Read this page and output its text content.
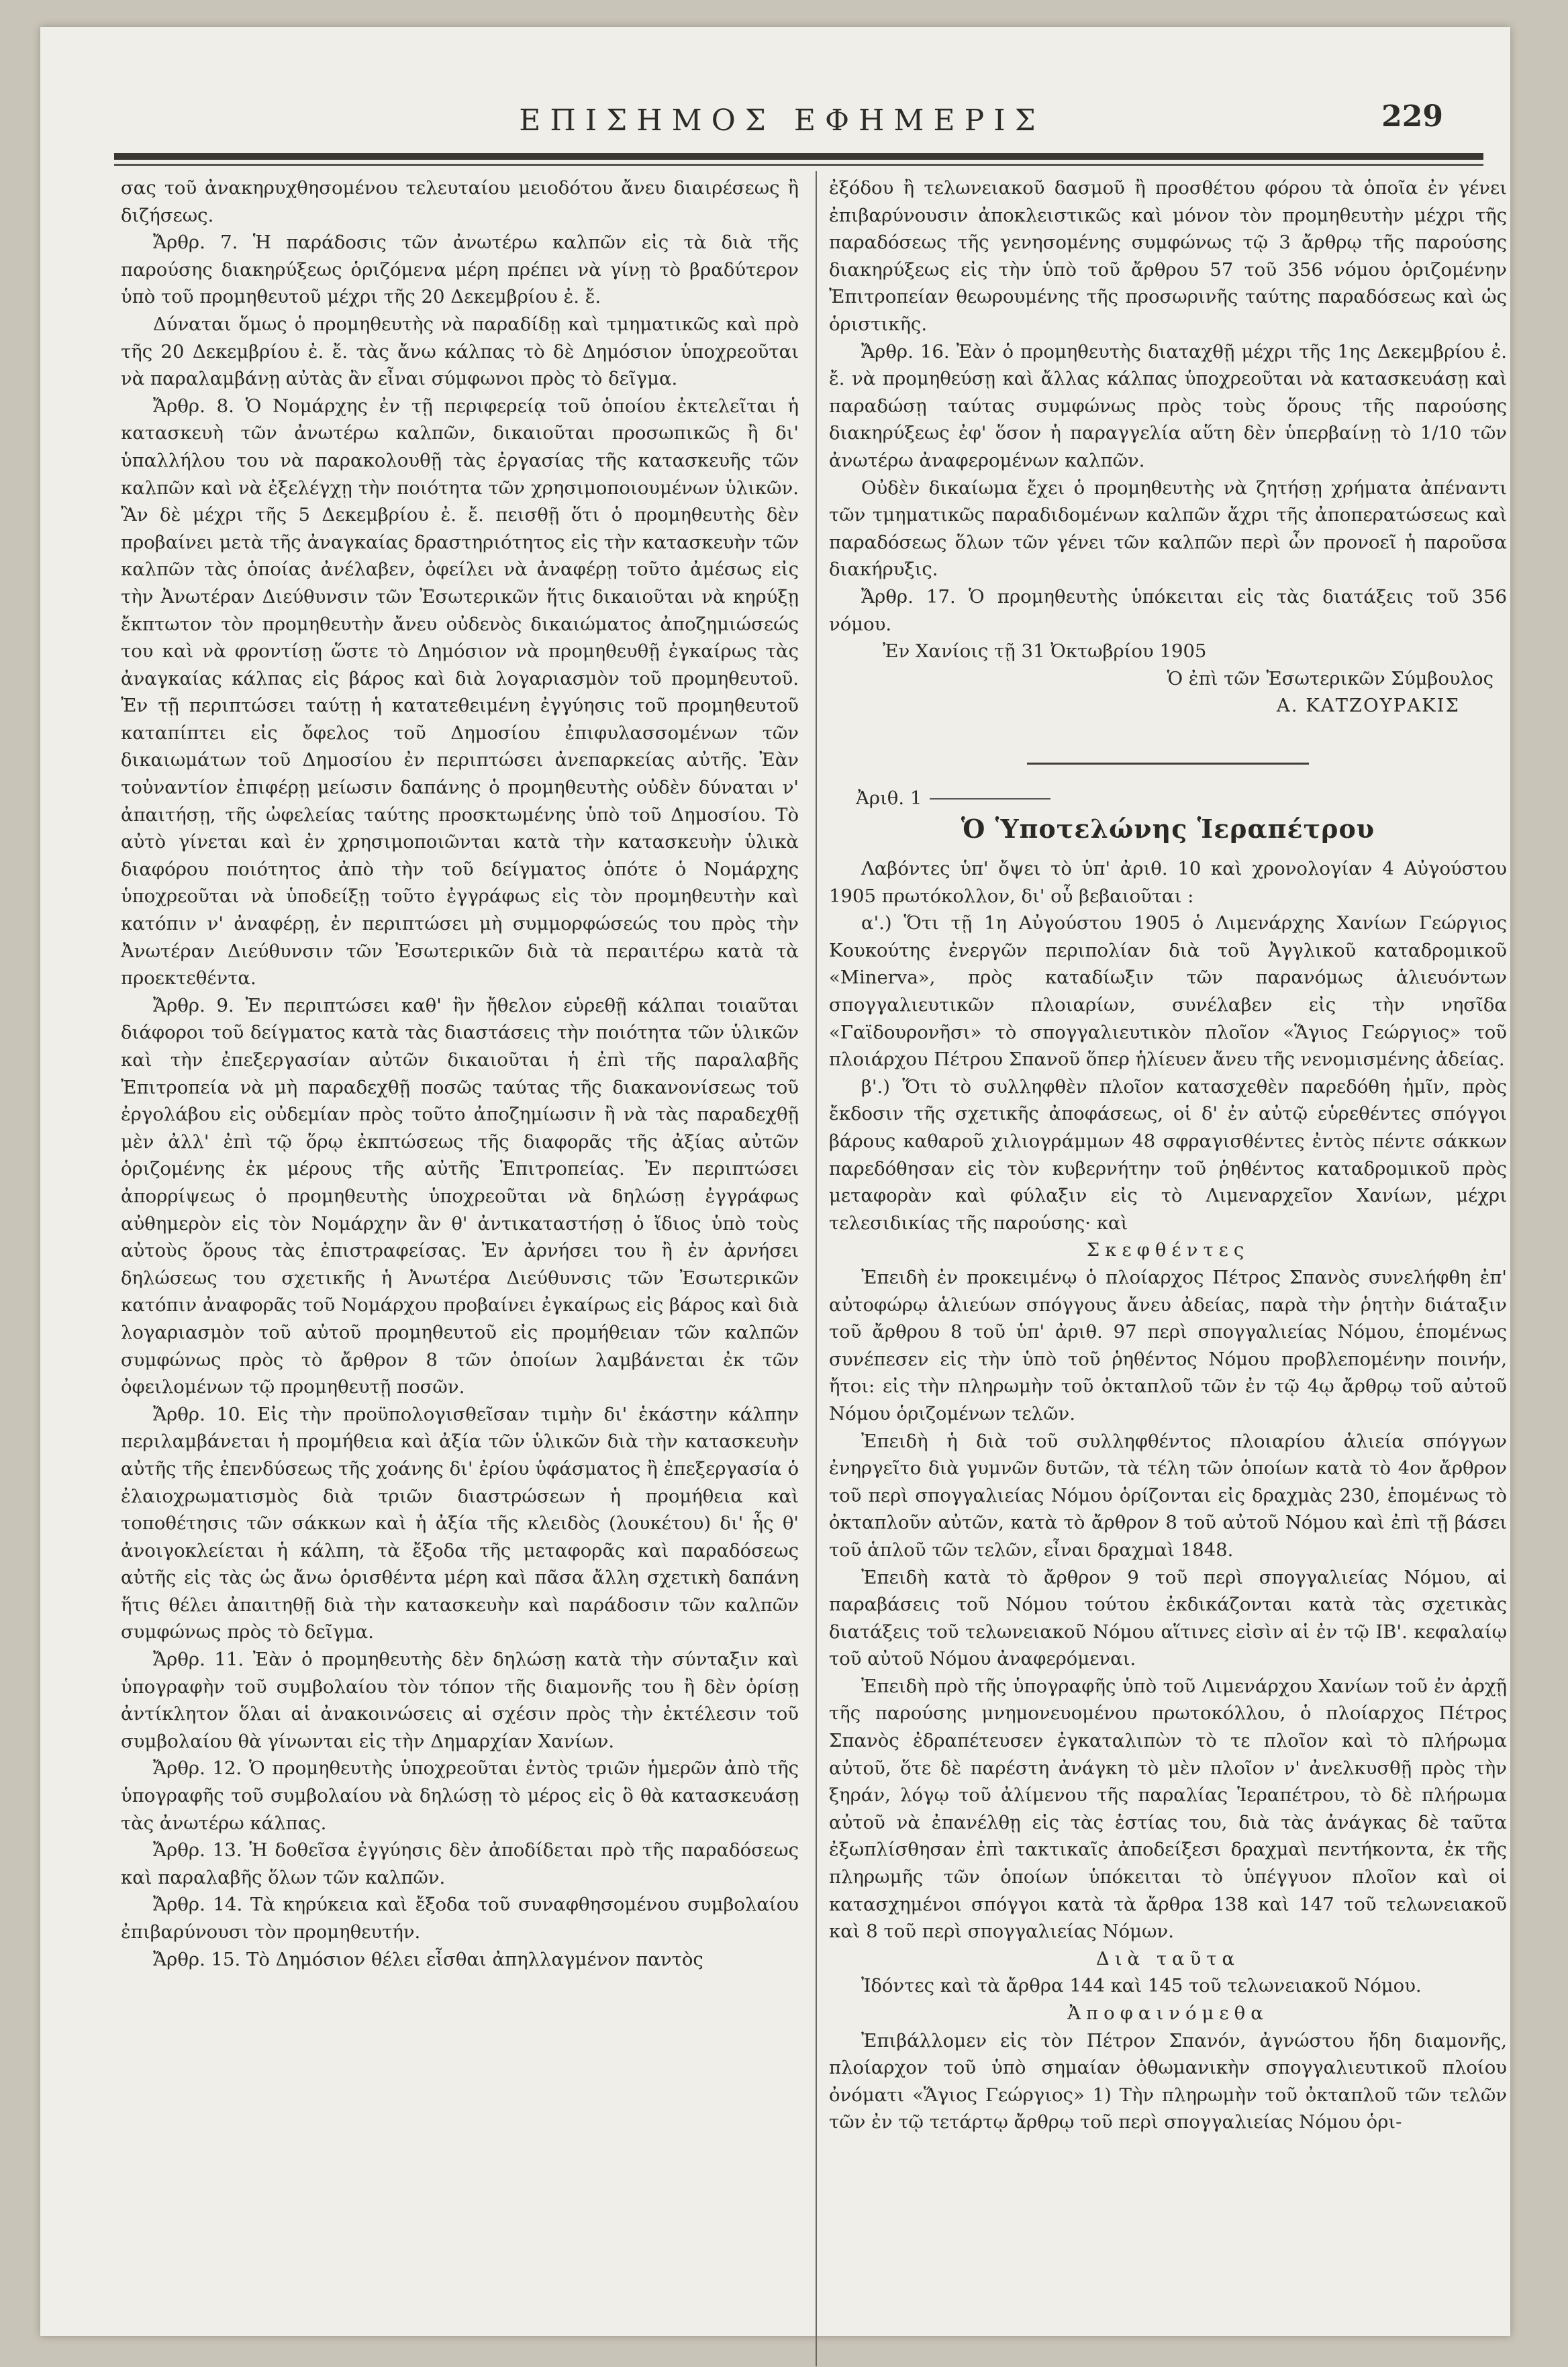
ΕΠΙΣΗΜΟΣ ΕΦΗΜΕΡΙΣ	229

σας τοῦ ἀνακηρυχθησομένου τελευταίου μειοδότου ἄνευ διαιρέσεως ἢ διζήσεως.

Ἄρθρ. 7. Ἡ παράδοσις τῶν ἀνωτέρω καλπῶν εἰς τὰ διὰ τῆς παρούσης διακηρύξεως ὁριζόμενα μέρη πρέπει νὰ γίνῃ τὸ βραδύτερον ὑπὸ τοῦ προμηθευτοῦ μέχρι τῆς 20 Δεκεμβρίου ἐ. ἔ.

Δύναται ὅμως ὁ προμηθευτὴς νὰ παραδίδῃ καὶ τμηματικῶς καὶ πρὸ τῆς 20 Δεκεμβρίου ἐ. ἔ. τὰς ἄνω κάλπας τὸ δὲ Δημόσιον ὑποχρεοῦται νὰ παραλαμβάνῃ αὐτὰς ἂν εἶναι σύμφωνοι πρὸς τὸ δεῖγμα.

Ἄρθρ. 8. Ὁ Νομάρχης ἐν τῇ περιφερείᾳ τοῦ ὁποίου ἐκτελεῖται ἡ κατασκευὴ τῶν ἀνωτέρω καλπῶν, δικαιοῦται προσωπικῶς ἢ δι' ὑπαλλήλου του νὰ παρακολουθῇ τὰς ἐργασίας τῆς κατασκευῆς τῶν καλπῶν καὶ νὰ ἐξελέγχῃ τὴν ποιότητα τῶν χρησιμοποιουμένων ὑλικῶν. Ἂν δὲ μέχρι τῆς 5 Δεκεμβρίου ἐ. ἔ. πεισθῇ ὅτι ὁ προμηθευτὴς δὲν προβαίνει μετὰ τῆς ἀναγκαίας δραστηριότητος εἰς τὴν κατασκευὴν τῶν καλπῶν τὰς ὁποίας ἀνέλαβεν, ὀφείλει νὰ ἀναφέρῃ τοῦτο ἀμέσως εἰς τὴν Ἀνωτέραν Διεύθυνσιν τῶν Ἐσωτερικῶν ἥτις δικαιοῦται νὰ κηρύξῃ ἔκπτωτον τὸν προμηθευτὴν ἄνευ οὐδενὸς δικαιώματος ἀποζημιώσεώς του καὶ νὰ φροντίσῃ ὥστε τὸ Δημόσιον νὰ προμηθευθῇ ἐγκαίρως τὰς ἀναγκαίας κάλπας εἰς βάρος καὶ διὰ λογαριασμὸν τοῦ προμηθευτοῦ. Ἐν τῇ περιπτώσει ταύτῃ ἡ κατατεθειμένη ἐγγύησις τοῦ προμηθευτοῦ καταπίπτει εἰς ὄφελος τοῦ Δημοσίου ἐπιφυλασσομένων τῶν δικαιωμάτων τοῦ Δημοσίου ἐν περιπτώσει ἀνεπαρκείας αὐτῆς. Ἐὰν τοὐναντίον ἐπιφέρῃ μείωσιν δαπάνης ὁ προμηθευτὴς οὐδὲν δύναται ν' ἀπαιτήσῃ, τῆς ὠφελείας ταύτης προσκτωμένης ὑπὸ τοῦ Δημοσίου. Τὸ αὐτὸ γίνεται καὶ ἐν χρησιμοποιῶνται κατὰ τὴν κατασκευὴν ὑλικὰ διαφόρου ποιότητος ἀπὸ τὴν τοῦ δείγματος ὁπότε ὁ Νομάρχης ὑποχρεοῦται νὰ ὑποδείξῃ τοῦτο ἐγγράφως εἰς τὸν προμηθευτὴν καὶ κατόπιν ν' ἀναφέρῃ, ἐν περιπτώσει μὴ συμμορφώσεώς του πρὸς τὴν Ἀνωτέραν Διεύθυνσιν τῶν Ἐσωτερικῶν διὰ τὰ περαιτέρω κατὰ τὰ προεκτεθέντα.

Ἄρθρ. 9. Ἐν περιπτώσει καθ' ἣν ἤθελον εὑρεθῇ κάλπαι τοιαῦται διάφοροι τοῦ δείγματος κατὰ τὰς διαστάσεις τὴν ποιότητα τῶν ὑλικῶν καὶ τὴν ἐπεξεργασίαν αὐτῶν δικαιοῦται ἡ ἐπὶ τῆς παραλαβῆς Ἐπιτροπεία νὰ μὴ παραδεχθῇ ποσῶς ταύτας τῆς διακανονίσεως τοῦ ἐργολάβου εἰς οὐδεμίαν πρὸς τοῦτο ἀποζημίωσιν ἢ νὰ τὰς παραδεχθῇ μὲν ἀλλ' ἐπὶ τῷ ὅρῳ ἐκπτώσεως τῆς διαφορᾶς τῆς ἀξίας αὐτῶν ὁριζομένης ἐκ μέρους τῆς αὐτῆς Ἐπιτροπείας. Ἐν περιπτώσει ἀπορρίψεως ὁ προμηθευτὴς ὑποχρεοῦται νὰ δηλώσῃ ἐγγράφως αὐθημερὸν εἰς τὸν Νομάρχην ἂν θ' ἀντικαταστήσῃ ὁ ἴδιος ὑπὸ τοὺς αὐτοὺς ὅρους τὰς ἐπιστραφείσας. Ἐν ἀρνήσει του ἢ ἐν ἀρνήσει δηλώσεως του σχετικῆς ἡ Ἀνωτέρα Διεύθυνσις τῶν Ἐσωτερικῶν κατόπιν ἀναφορᾶς τοῦ Νομάρχου προβαίνει ἐγκαίρως εἰς βάρος καὶ διὰ λογαριασμὸν τοῦ αὐτοῦ προμηθευτοῦ εἰς προμήθειαν τῶν καλπῶν συμφώνως πρὸς τὸ ἄρθρον 8 τῶν ὁποίων λαμβάνεται ἐκ τῶν ὀφειλομένων τῷ προμηθευτῇ ποσῶν.

Ἄρθρ. 10. Εἰς τὴν προϋπολογισθεῖσαν τιμὴν δι' ἑκάστην κάλπην περιλαμβάνεται ἡ προμήθεια καὶ ἀξία τῶν ὑλικῶν διὰ τὴν κατασκευὴν αὐτῆς τῆς ἐπενδύσεως τῆς χοάνης δι' ἐρίου ὑφάσματος ἢ ἐπεξεργασία ὁ ἐλαιοχρωματισμὸς διὰ τριῶν διαστρώσεων ἡ προμήθεια καὶ τοποθέτησις τῶν σάκκων καὶ ἡ ἀξία τῆς κλειδὸς (λουκέτου) δι' ἧς θ' ἀνοιγοκλείεται ἡ κάλπη, τὰ ἔξοδα τῆς μεταφορᾶς καὶ παραδόσεως αὐτῆς εἰς τὰς ὡς ἄνω ὁρισθέντα μέρη καὶ πᾶσα ἄλλη σχετικὴ δαπάνη ἥτις θέλει ἀπαιτηθῇ διὰ τὴν κατασκευὴν καὶ παράδοσιν τῶν καλπῶν συμφώνως πρὸς τὸ δεῖγμα.

Ἄρθρ. 11. Ἐὰν ὁ προμηθευτὴς δὲν δηλώσῃ κατὰ τὴν σύνταξιν καὶ ὑπογραφὴν τοῦ συμβολαίου τὸν τόπον τῆς διαμονῆς του ἢ δὲν ὁρίσῃ ἀντίκλητον ὅλαι αἱ ἀνακοινώσεις αἱ σχέσιν πρὸς τὴν ἐκτέλεσιν τοῦ συμβολαίου θὰ γίνωνται εἰς τὴν Δημαρχίαν Χανίων.

Ἄρθρ. 12. Ὁ προμηθευτὴς ὑποχρεοῦται ἐντὸς τριῶν ἡμερῶν ἀπὸ τῆς ὑπογραφῆς τοῦ συμβολαίου νὰ δηλώσῃ τὸ μέρος εἰς ὃ θὰ κατασκευάσῃ τὰς ἀνωτέρω κάλπας.

Ἄρθρ. 13. Ἡ δοθεῖσα ἐγγύησις δὲν ἀποδίδεται πρὸ τῆς παραδόσεως καὶ παραλαβῆς ὅλων τῶν καλπῶν.

Ἄρθρ. 14. Τὰ κηρύκεια καὶ ἔξοδα τοῦ συναφθησομένου συμβολαίου ἐπιβαρύνουσι τὸν προμηθευτήν.

Ἄρθρ. 15. Τὸ Δημόσιον θέλει εἶσθαι ἀπηλλαγμένον παντὸς

ἐξόδου ἢ τελωνειακοῦ δασμοῦ ἢ προσθέτου φόρου τὰ ὁποῖα ἐν γένει ἐπιβαρύνουσιν ἀποκλειστικῶς καὶ μόνον τὸν προμηθευτὴν μέχρι τῆς παραδόσεως τῆς γενησομένης συμφώνως τῷ 3 ἄρθρῳ τῆς παρούσης διακηρύξεως εἰς τὴν ὑπὸ τοῦ ἄρθρου 57 τοῦ 356 νόμου ὁριζομένην Ἐπιτροπείαν θεωρουμένης τῆς προσωρινῆς ταύτης παραδόσεως καὶ ὡς ὁριστικῆς.

Ἄρθρ. 16. Ἐὰν ὁ προμηθευτὴς διαταχθῇ μέχρι τῆς 1ης Δεκεμβρίου ἐ. ἔ. νὰ προμηθεύσῃ καὶ ἄλλας κάλπας ὑποχρεοῦται νὰ κατασκευάσῃ καὶ παραδώσῃ ταύτας συμφώνως πρὸς τοὺς ὅρους τῆς παρούσης διακηρύξεως ἐφ' ὅσον ἡ παραγγελία αὕτη δὲν ὑπερβαίνῃ τὸ 1/10 τῶν ἀνωτέρω ἀναφερομένων καλπῶν.

Οὐδὲν δικαίωμα ἔχει ὁ προμηθευτὴς νὰ ζητήσῃ χρήματα ἀπέναντι τῶν τμηματικῶς παραδιδομένων καλπῶν ἄχρι τῆς ἀποπερατώσεως καὶ παραδόσεως ὅλων τῶν γένει τῶν καλπῶν περὶ ὧν προνοεῖ ἡ παροῦσα διακήρυξις.

Ἄρθρ. 17. Ὁ προμηθευτὴς ὑπόκειται εἰς τὰς διατάξεις τοῦ 356 νόμου.

Ἐν Χανίοις τῇ 31 Ὀκτωβρίου 1905

Ὁ ἐπὶ τῶν Ἐσωτερικῶν Σύμβουλος

Α. ΚΑΤΖΟΥΡΑΚΙΣ

Ἀριθ. 1

Ὁ Ὑποτελώνης Ἱεραπέτρου

Λαβόντες ὑπ' ὄψει τὸ ὑπ' ἀριθ. 10 καὶ χρονολογίαν 4 Αὐγούστου 1905 πρωτόκολλον, δι' οὗ βεβαιοῦται :

α'.) Ὅτι τῇ 1η Αὐγούστου 1905 ὁ Λιμενάρχης Χανίων Γεώργιος Κουκούτης ἐνεργῶν περιπολίαν διὰ τοῦ Ἀγγλικοῦ καταδρομικοῦ «Minerva», πρὸς καταδίωξιν τῶν παρανόμως ἁλιευόντων σπογγαλιευτικῶν πλοιαρίων, συνέλαβεν εἰς τὴν νησῖδα «Γαϊδουρονῆσι» τὸ σπογγαλιευτικὸν πλοῖον «Ἅγιος Γεώργιος» τοῦ πλοιάρχου Πέτρου Σπανοῦ ὅπερ ἡλίευεν ἄνευ τῆς νενομισμένης ἀδείας.

β'.) Ὅτι τὸ συλληφθὲν πλοῖον κατασχεθὲν παρεδόθη ἡμῖν, πρὸς ἔκδοσιν τῆς σχετικῆς ἀποφάσεως, οἱ δ' ἐν αὐτῷ εὑρεθέντες σπόγγοι βάρους καθαροῦ χιλιογράμμων 48 σφραγισθέντες ἐντὸς πέντε σάκκων παρεδόθησαν εἰς τὸν κυβερνήτην τοῦ ῥηθέντος καταδρομικοῦ πρὸς μεταφορὰν καὶ φύλαξιν εἰς τὸ Λιμεναρχεῖον Χανίων, μέχρι τελεσιδικίας τῆς παρούσης· καὶ

Σκεφθέντες

Ἐπειδὴ ἐν προκειμένῳ ὁ πλοίαρχος Πέτρος Σπανὸς συνελήφθη ἐπ' αὐτοφώρῳ ἁλιεύων σπόγγους ἄνευ ἀδείας, παρὰ τὴν ῥητὴν διάταξιν τοῦ ἄρθρου 8 τοῦ ὑπ' ἀριθ. 97 περὶ σπογγαλιείας Νόμου, ἑπομένως συνέπεσεν εἰς τὴν ὑπὸ τοῦ ῥηθέντος Νόμου προβλεπομένην ποινήν, ἤτοι: εἰς τὴν πληρωμὴν τοῦ ὀκταπλοῦ τῶν ἐν τῷ 4ῳ ἄρθρῳ τοῦ αὐτοῦ Νόμου ὁριζομένων τελῶν.

Ἐπειδὴ ἡ διὰ τοῦ συλληφθέντος πλοιαρίου ἁλιεία σπόγγων ἐνηργεῖτο διὰ γυμνῶν δυτῶν, τὰ τέλη τῶν ὁποίων κατὰ τὸ 4ον ἄρθρον τοῦ περὶ σπογγαλιείας Νόμου ὁρίζονται εἰς δραχμὰς 230, ἑπομένως τὸ ὀκταπλοῦν αὐτῶν, κατὰ τὸ ἄρθρον 8 τοῦ αὐτοῦ Νόμου καὶ ἐπὶ τῇ βάσει τοῦ ἁπλοῦ τῶν τελῶν, εἶναι δραχμαὶ 1848.

Ἐπειδὴ κατὰ τὸ ἄρθρον 9 τοῦ περὶ σπογγαλιείας Νόμου, αἱ παραβάσεις τοῦ Νόμου τούτου ἐκδικάζονται κατὰ τὰς σχετικὰς διατάξεις τοῦ τελωνειακοῦ Νόμου αἵτινες εἰσὶν αἱ ἐν τῷ ΙΒ'. κεφαλαίῳ τοῦ αὐτοῦ Νόμου ἀναφερόμεναι.

Ἐπειδὴ πρὸ τῆς ὑπογραφῆς ὑπὸ τοῦ Λιμενάρχου Χανίων τοῦ ἐν ἀρχῇ τῆς παρούσης μνημονευομένου πρωτοκόλλου, ὁ πλοίαρχος Πέτρος Σπανὸς ἐδραπέτευσεν ἐγκαταλιπὼν τὸ τε πλοῖον καὶ τὸ πλήρωμα αὐτοῦ, ὅτε δὲ παρέστη ἀνάγκη τὸ μὲν πλοῖον ν' ἀνελκυσθῇ πρὸς τὴν ξηράν, λόγῳ τοῦ ἀλίμενου τῆς παραλίας Ἱεραπέτρου, τὸ δὲ πλήρωμα αὐτοῦ νὰ ἐπανέλθῃ εἰς τὰς ἑστίας του, διὰ τὰς ἀνάγκας δὲ ταῦτα ἐξωπλίσθησαν ἐπὶ τακτικαῖς ἀποδείξεσι δραχμαὶ πεντήκοντα, ἐκ τῆς πληρωμῆς τῶν ὁποίων ὑπόκειται τὸ ὑπέγγυον πλοῖον καὶ οἱ κατασχημένοι σπόγγοι κατὰ τὰ ἄρθρα 138 καὶ 147 τοῦ τελωνειακοῦ καὶ 8 τοῦ περὶ σπογγαλιείας Νόμων.

Διὰ ταῦτα

Ἰδόντες καὶ τὰ ἄρθρα 144 καὶ 145 τοῦ τελωνειακοῦ Νόμου.

Ἀποφαινόμεθα

Ἐπιβάλλομεν εἰς τὸν Πέτρον Σπανόν, ἀγνώστου ἤδη διαμονῆς, πλοίαρχον τοῦ ὑπὸ σημαίαν ὀθωμανικὴν σπογγαλιευτικοῦ πλοίου ὀνόματι «Ἅγιος Γεώργιος» 1) Τὴν πληρωμὴν τοῦ ὀκταπλοῦ τῶν τελῶν τῶν ἐν τῷ τετάρτῳ ἄρθρῳ τοῦ περὶ σπογγαλιείας Νόμου ὁρι-
